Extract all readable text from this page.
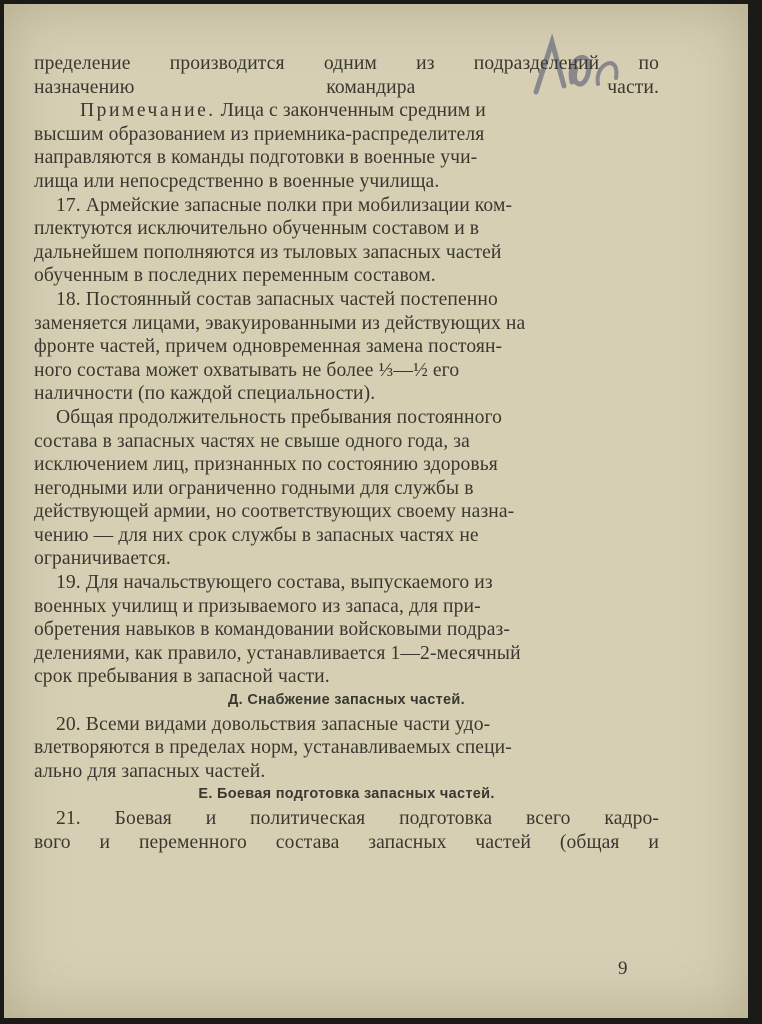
пределение производится одним из подразделений по
назначению командира части.

Примечание. Лица с законченным средним и
высшим образованием из приемника-распределителя
направляются в команды подготовки в военные учи-
лища или непосредственно в военные училища.

17. Армейские запасные полки при мобилизации ком-
плектуются исключительно обученным составом и в
дальнейшем пополняются из тыловых запасных частей
обученным в последних переменным составом.

18. Постоянный состав запасных частей постепенно
заменяется лицами, эвакуированными из действующих на
фронте частей, причем одновременная замена постоян-
ного состава может охватывать не более ⅓—½ его
наличности (по каждой специальности).

Общая продолжительность пребывания постоянного
состава в запасных частях не свыше одного года, за
исключением лиц, признанных по состоянию здоровья
негодными или ограниченно годными для службы в
действующей армии, но соответствующих своему назна-
чению — для них срок службы в запасных частях не
ограничивается.

19. Для начальствующего состава, выпускаемого из
военных училищ и призываемого из запаса, для при-
обретения навыков в командовании войсковыми подраз-
делениями, как правило, устанавливается 1—2-месячный
срок пребывания в запасной части.

Д. Снабжение запасных частей.

20. Всеми видами довольствия запасные части удо-
влетворяются в пределах норм, устанавливаемых специ-
ально для запасных частей.

Е. Боевая подготовка запасных частей.

21. Боевая и политическая подготовка всего кадро-
вого и переменного состава запасных частей (общая и

9
